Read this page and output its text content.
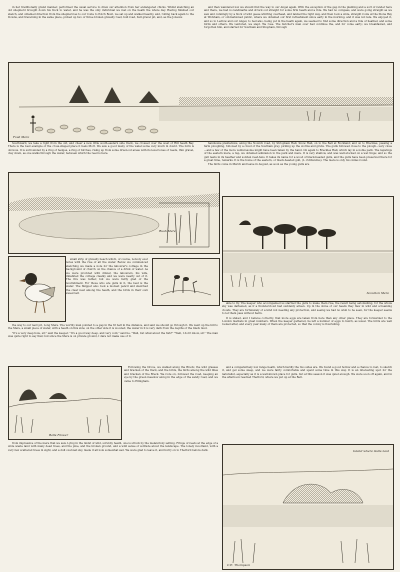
in her traditionally grand manner, performed the usual service to draw our attention from her endangered chicks. Whilst sketching an old shepherd brought down his flock to water, and he was the only individual we met on the heath the whole day. Having finished our sketch, and obtained direction from the shepherd as to our route to Potch Bowl, we sat up and walked heavily, and, rolling back again to the Downs, and traversing in the same place, picked up two or three broken gravelly road, hull road, hull gravel pit, and, as the Jonsons

and then wandered low we should find the way to our Angel again. With the exception of the gap in the planting and a sort of render here and there, we had no landmarks and struck out straight for some firm heath and a ride. We had no compass, and were going straight as we saw and cunningly by a flock of wild geese whirling overhead, and landed the right way, and then took a wide, straight route at the Stone Bay at Wickham, or old-fashioned public, where we obtained our first refreshment since early in the morning, and it was not late. We enjoyed it, and so to Ledlow and our Angel, to bed also, being yet in the heath again, we seemed to find some direction and a ride of heather, and some birds and others. We ventured, we slept. We rose. The butcher's man over had continue the, and for come early; we breakfasted, and forgotten him, and started for Southam and Shopham, through

Fowl Mere

Southward, we take a right from the old, and cheer a new little south-eastern side track, we crossed over the west of Hill heath Bay. There is the best example of the cross-shaped place it feels Mort. We saw a good many of the water-some very much in doubt. The form is obvious. It is surrounded by a ring of hedges, a ring of birches, rising up from some dried-out areas with its level tones of reeds, thin gravel, clay down, as one walks through the water, between which the reed is here.

handsome plantations, along the Nowich road, by Shropham Hall, Snow Hall, on to the Bell at Rockland; and on to Breckles, passing a farm ploughing, followed by a cloud of the Southam grey, picking up the worms and grubs. The gulls followed close to the plough—very close—and a few of the more venturesome might have been taken by the hand. On again to Breckles Hall, which lay in a noble park. The lapwings of the eastern mere, a rap, we obtained admission to the park and mere. It is very shallow, and was well-stocked on a wet tinge; and so the gull nests in its heather and sodden reed-fens. It takes its name for a wood of black-headed gulls, and the gulls have been preserved there for a great time, remarks. It is the home of the eastern, or black-headed gull, (L. ridibundus). The mere is only two miles round.

The birds come in March and leave in August, as soon as the young gulls are

Rush Mere
Scoulton Mere

small strip of gravelly beach which, of course, nobody ever notes with the rise of all the water. Below we commenced sketching we made a note for the labourer's cottage in the background of church on the chance of a drink of water. As we were provided with dinner, the labourers, his wife, inhabited the cottage cleanly and we were nearly out of it. The fire was rather, but we were fairly glad of the nourishment. For those who are gulls in it, the best is the water. The Skipper also took a modest pencil and sketched the clear nest among the heath, and the birds in their own sweet lair.

able to fly. The keeper who accompanied us startled the gulls to make them rise, the result being astonishing, for the whole sky was darkened, as if a thundercloud had suddenly arisen. Up in the dome of our heads they flew in wild and screaming clouds. They are fortunately of a kind not needing any protection, and seeing we had no wish to be seen, for the keeper seems to let them pass without harm.

It is stated, and I believe correctly, that more eggs are taken from here than any other place. They are forwarded to the London markets in great numbers. When the keeper gathered, he left a number of eggs to hatch, as usual. The birds are well looked after, and every year many of them are protected, so that the colony is flourishing.

the way to our next pit, Long Mere. The worthy man pointed to a gap in the fir belt in the distance, and said we should go through it. We went up the hill to the Mere, a small piece of water, with a heath on this side; on the other side it is wooded; the water in it is very dark from the depths of the black mud.

"It's a very deep hole, sir," said the keeper. "It's a good way deep, and very cold," said he. "Well, but what about the fish?" "Well, I don't know, sir." The man was quite right to say that; but since the Mere is on private ground, I dare not make use of it.

Bells Flower

Following the Drove, we walked along the Breck; the wild grasses and bracken of the track, and the birds, the birds among the wild lilies and bracken of the Breck. We rode on, followed the road, keeping an eye by the green meadow along in the edge of the sandy road, and we came to Ellingham.

Island where Gulls nest
C.E. Thompson

and a comparatively low range heath, which hardly the two sides are. We found a good hollow and a chance to rest, to sketch it, and get some sleep, and we were fairly comfortable and spent some time in this way. It is an interesting spot for the naturalist, especially as it is a well-known place for gulls, but at this season it was quiet enough. We were soon off again, and in the afternoon reached Thetford, where we put up at the Bell.

from impressive of the mere that we saw. Lying in the midst of wild, scrubby heath, one is struck by the melancholy setting. Fringe of reeds at the edge of a wide waste land with many dead trees, and the pine, and the broken ground, and a wild sense of solitude about the landscape. The lonely moorland, with a very few scattered trees in sight, and a dull overcast sky, made it all look somewhat sad. We were glad to leave it, and hurry on to Thetford before dark.
